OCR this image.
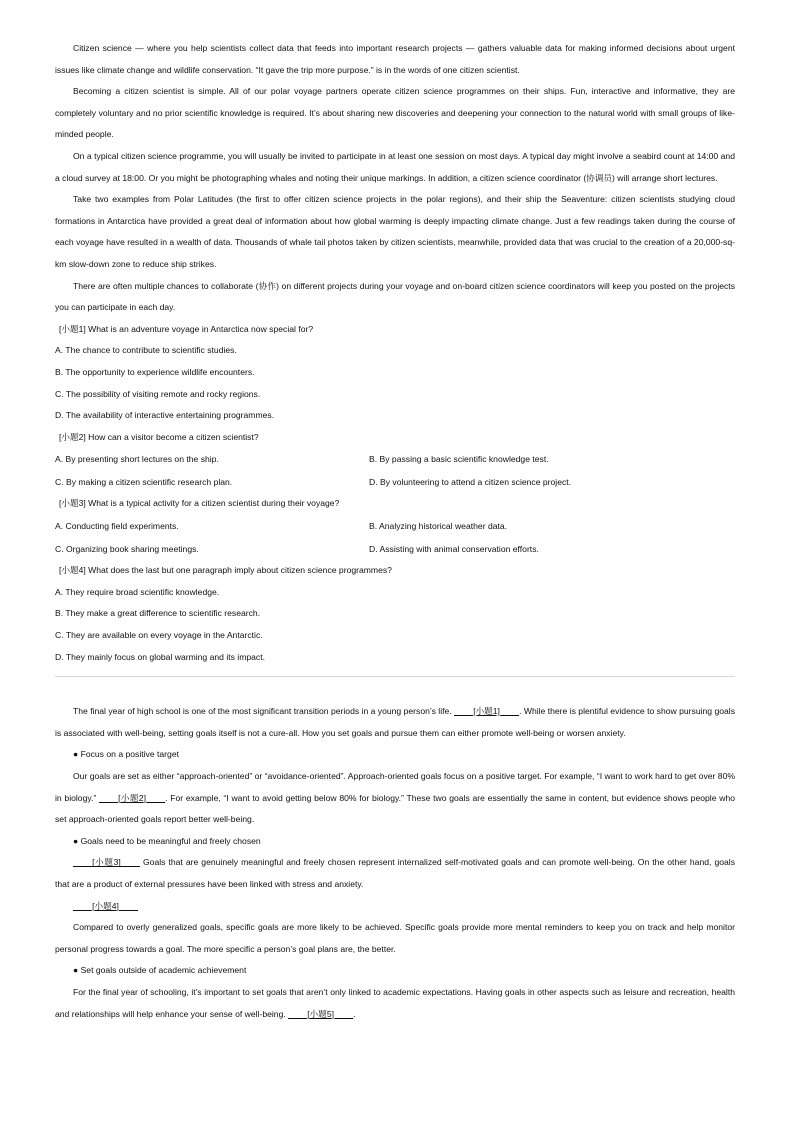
Citizen science — where you help scientists collect data that feeds into important research projects — gathers valuable data for making informed decisions about urgent issues like climate change and wildlife conservation. “It gave the trip more purpose.” is in the words of one citizen scientist.

Becoming a citizen scientist is simple. All of our polar voyage partners operate citizen science programmes on their ships. Fun, interactive and informative, they are completely voluntary and no prior scientific knowledge is required. It’s about sharing new discoveries and deepening your connection to the natural world with small groups of like-minded people.

On a typical citizen science programme, you will usually be invited to participate in at least one session on most days. A typical day might involve a seabird count at 14:00 and a cloud survey at 18:00. Or you might be photographing whales and noting their unique markings. In addition, a citizen science coordinator (协调员) will arrange short lectures.

Take two examples from Polar Latitudes (the first to offer citizen science projects in the polar regions), and their ship the Seaventure: citizen scientists studying cloud formations in Antarctica have provided a great deal of information about how global warming is deeply impacting climate change. Just a few readings taken during the course of each voyage have resulted in a wealth of data. Thousands of whale tail photos taken by citizen scientists, meanwhile, provided data that was crucial to the creation of a 20,000-sq-km slow-down zone to reduce ship strikes.

There are often multiple chances to collaborate (协作) on different projects during your voyage and on-board citizen science coordinators will keep you posted on the projects you can participate in each day.

[小题1] What is an adventure voyage in Antarctica now special for?

A. The chance to contribute to scientific studies.

B. The opportunity to experience wildlife encounters.

C. The possibility of visiting remote and rocky regions.

D. The availability of interactive entertaining programmes.

[小题2] How can a visitor become a citizen scientist?

A. By presenting short lectures on the ship.	B. By passing a basic scientific knowledge test.
C. By making a citizen scientific research plan.	D. By volunteering to attend a citizen science project.

[小题3] What is a typical activity for a citizen scientist during their voyage?

A. Conducting field experiments.	B. Analyzing historical weather data.
C. Organizing book sharing meetings.	D. Assisting with animal conservation efforts.

[小题4] What does the last but one paragraph imply about citizen science programmes?

A. They require broad scientific knowledge.

B. They make a great difference to scientific research.

C. They are available on every voyage in the Antarctic.

D. They mainly focus on global warming and its impact.

The final year of high school is one of the most significant transition periods in a young person’s life. ____[小题1]____. While there is plentiful evidence to show pursuing goals is associated with well-being, setting goals itself is not a cure-all. How you set goals and pursue them can either promote well-being or worsen anxiety.

● Focus on a positive target

Our goals are set as either “approach-oriented” or “avoidance-oriented”. Approach-oriented goals focus on a positive target. For example, “I want to work hard to get over 80% in biology.” ____[小题2]____. For example, “I want to avoid getting below 80% for biology.” These two goals are essentially the same in content, but evidence shows people who set approach-oriented goals report better well-being.

● Goals need to be meaningful and freely chosen

____[小题3]____ Goals that are genuinely meaningful and freely chosen represent internalized self-motivated goals and can promote well-being. On the other hand, goals that are a product of external pressures have been linked with stress and anxiety.

____[小题4]____

Compared to overly generalized goals, specific goals are more likely to be achieved. Specific goals provide more mental reminders to keep you on track and help monitor personal progress towards a goal. The more specific a person’s goal plans are, the better.

● Set goals outside of academic achievement

For the final year of schooling, it’s important to set goals that aren’t only linked to academic expectations. Having goals in other aspects such as leisure and recreation, health and relationships will help enhance your sense of well-being. ____[小题5]____.
